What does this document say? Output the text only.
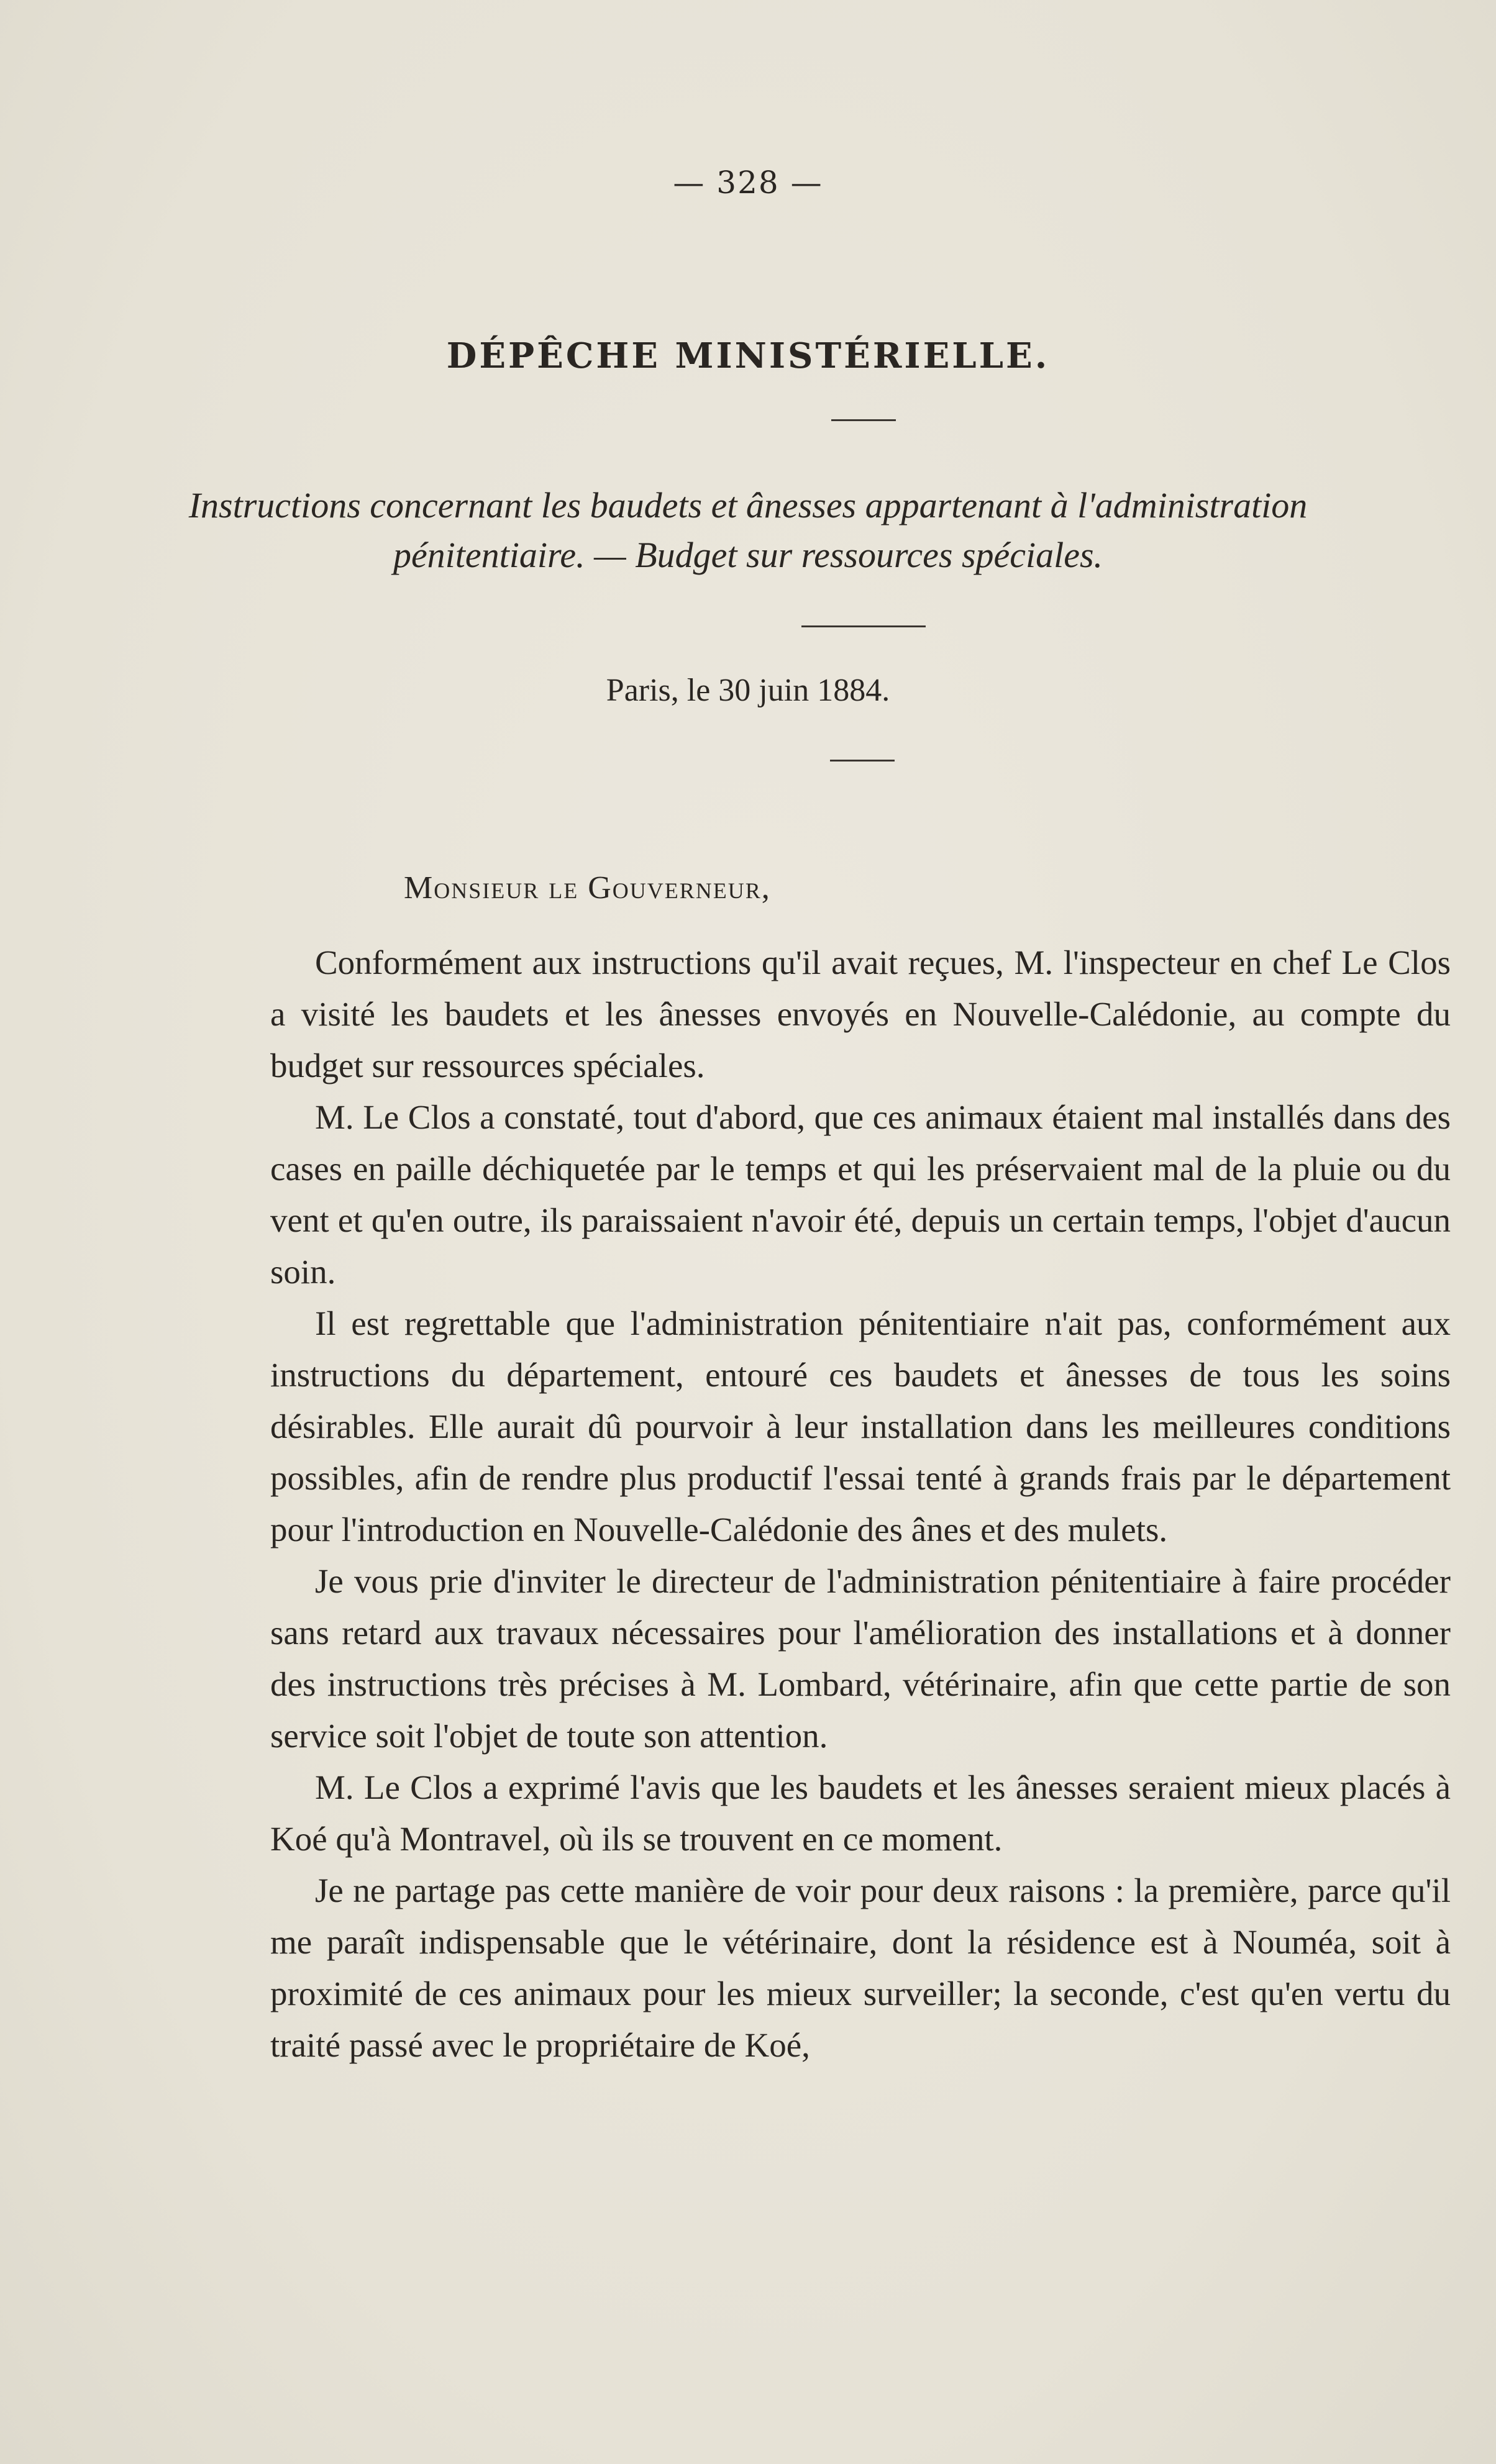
— 328 —
DÉPÊCHE MINISTÉRIELLE.
Instructions concernant les baudets et ânesses appartenant à l'administration
pénitentiaire. — Budget sur ressources spéciales.
Paris, le 30 juin 1884.
Monsieur le Gouverneur,

Conformément aux instructions qu'il avait reçues, M. l'inspecteur en chef Le Clos a visité les baudets et les ânesses envoyés en Nouvelle-Calédonie, au compte du budget sur ressources spéciales.

M. Le Clos a constaté, tout d'abord, que ces animaux étaient mal installés dans des cases en paille déchiquetée par le temps et qui les préservaient mal de la pluie ou du vent et qu'en outre, ils paraissaient n'avoir été, depuis un certain temps, l'objet d'aucun soin.

Il est regrettable que l'administration pénitentiaire n'ait pas, conformément aux instructions du département, entouré ces baudets et ânesses de tous les soins désirables. Elle aurait dû pourvoir à leur installation dans les meilleures conditions possibles, afin de rendre plus productif l'essai tenté à grands frais par le département pour l'introduction en Nouvelle-Calédonie des ânes et des mulets.

Je vous prie d'inviter le directeur de l'administration pénitentiaire à faire procéder sans retard aux travaux nécessaires pour l'amélioration des installations et à donner des instructions très précises à M. Lombard, vétérinaire, afin que cette partie de son service soit l'objet de toute son attention.

M. Le Clos a exprimé l'avis que les baudets et les ânesses seraient mieux placés à Koé qu'à Montravel, où ils se trouvent en ce moment.

Je ne partage pas cette manière de voir pour deux raisons : la première, parce qu'il me paraît indispensable que le vétérinaire, dont la résidence est à Nouméa, soit à proximité de ces animaux pour les mieux surveiller; la seconde, c'est qu'en vertu du traité passé avec le propriétaire de Koé,
